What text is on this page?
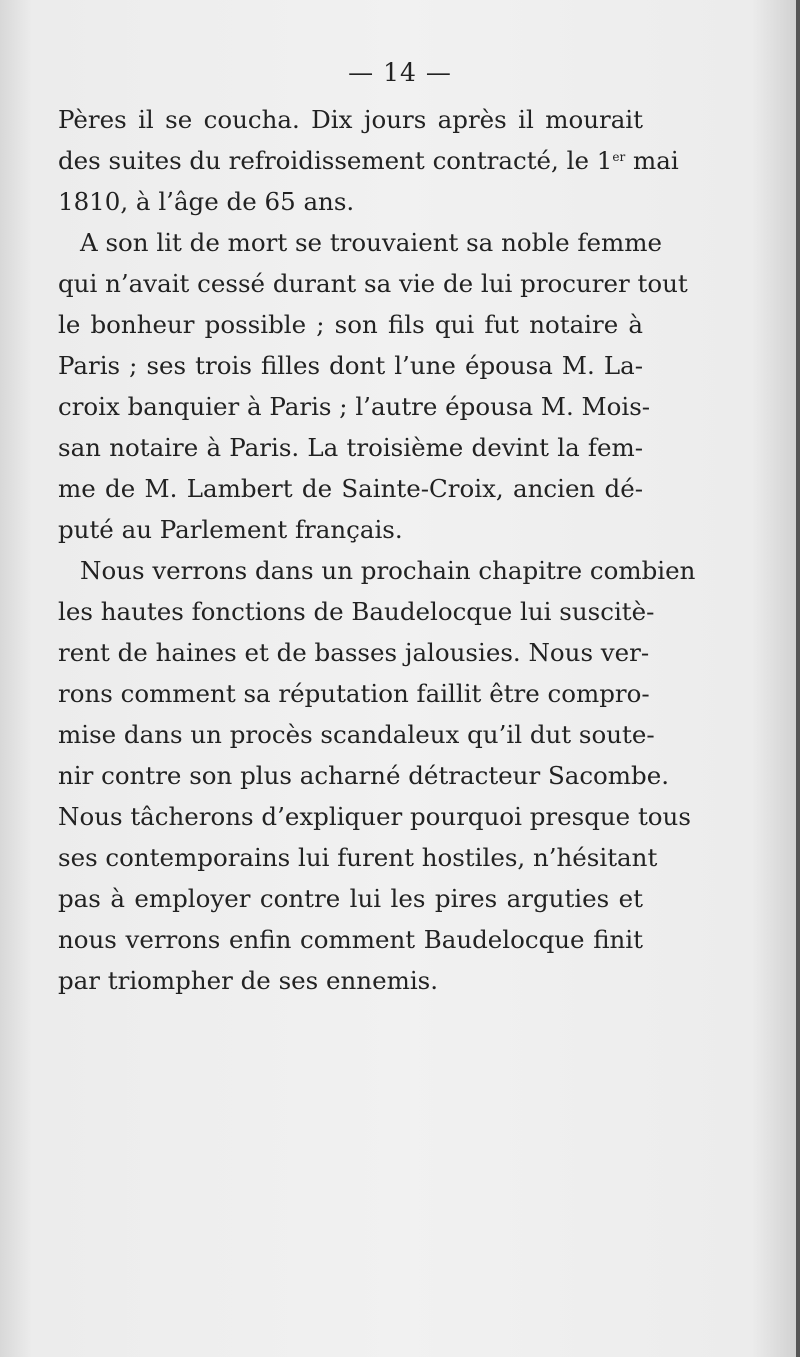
— 14 —
Pères il se coucha. Dix jours après il mourait
des suites du refroidissement contracté, le 1er mai
1810, à l’âge de 65 ans.
A son lit de mort se trouvaient sa noble femme
qui n’avait cessé durant sa vie de lui procurer tout
le bonheur possible ; son fils qui fut notaire à
Paris ; ses trois filles dont l’une épousa M. La-
croix banquier à Paris ; l’autre épousa M. Mois-
san notaire à Paris. La troisième devint la fem-
me de M. Lambert de Sainte-Croix, ancien dé-
puté au Parlement français.
Nous verrons dans un prochain chapitre combien
les hautes fonctions de Baudelocque lui suscitè-
rent de haines et de basses jalousies. Nous ver-
rons comment sa réputation faillit être compro-
mise dans un procès scandaleux qu’il dut soute-
nir contre son plus acharné détracteur Sacombe.
Nous tâcherons d’expliquer pourquoi presque tous
ses contemporains lui furent hostiles, n’hésitant
pas à employer contre lui les pires arguties et
nous verrons enfin comment Baudelocque finit
par triompher de ses ennemis.
